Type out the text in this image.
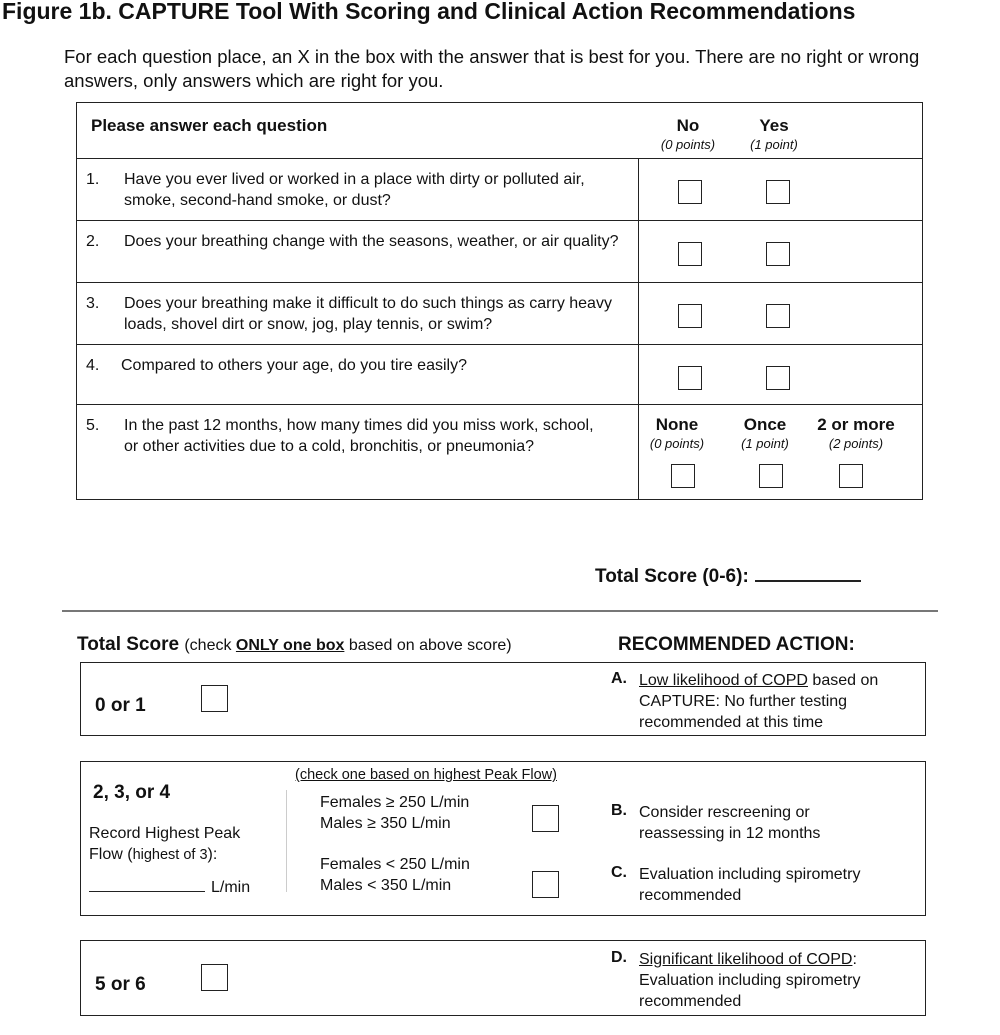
Figure 1b. CAPTURE Tool With Scoring and Clinical Action Recommendations
For each question place, an X in the box with the answer that is best for you. There are no right or wrong answers, only answers which are right for you.
Please answer each question	No
(0 points)
Yes
(1 point)
1. Have you ever lived or worked in a place with dirty or polluted air, smoke, second-hand smoke, or dust?
2. Does your breathing change with the seasons, weather, or air quality?
3. Does your breathing make it difficult to do such things as carry heavy loads, shovel dirt or snow, jog, play tennis, or swim?
4. Compared to others your age, do you tire easily?
5. In the past 12 months, how many times did you miss work, school, or other activities due to a cold, bronchitis, or pneumonia?
None
(0 points)
Once
(1 point)
2 or more
(2 points)
Total Score (0-6):
Total Score (check ONLY one box based on above score)	RECOMMENDED ACTION:
0 or 1
A. Low likelihood of COPD based on CAPTURE: No further testing recommended at this time
2, 3, or 4
Record Highest Peak
Flow (highest of 3):
L/min
(check one based on highest Peak Flow)
Females ≥ 250 L/min
Males ≥ 350 L/min
Females < 250 L/min
Males < 350 L/min
B. Consider rescreening or reassessing in 12 months
C. Evaluation including spirometry recommended
5 or 6
D. Significant likelihood of COPD: Evaluation including spirometry recommended
